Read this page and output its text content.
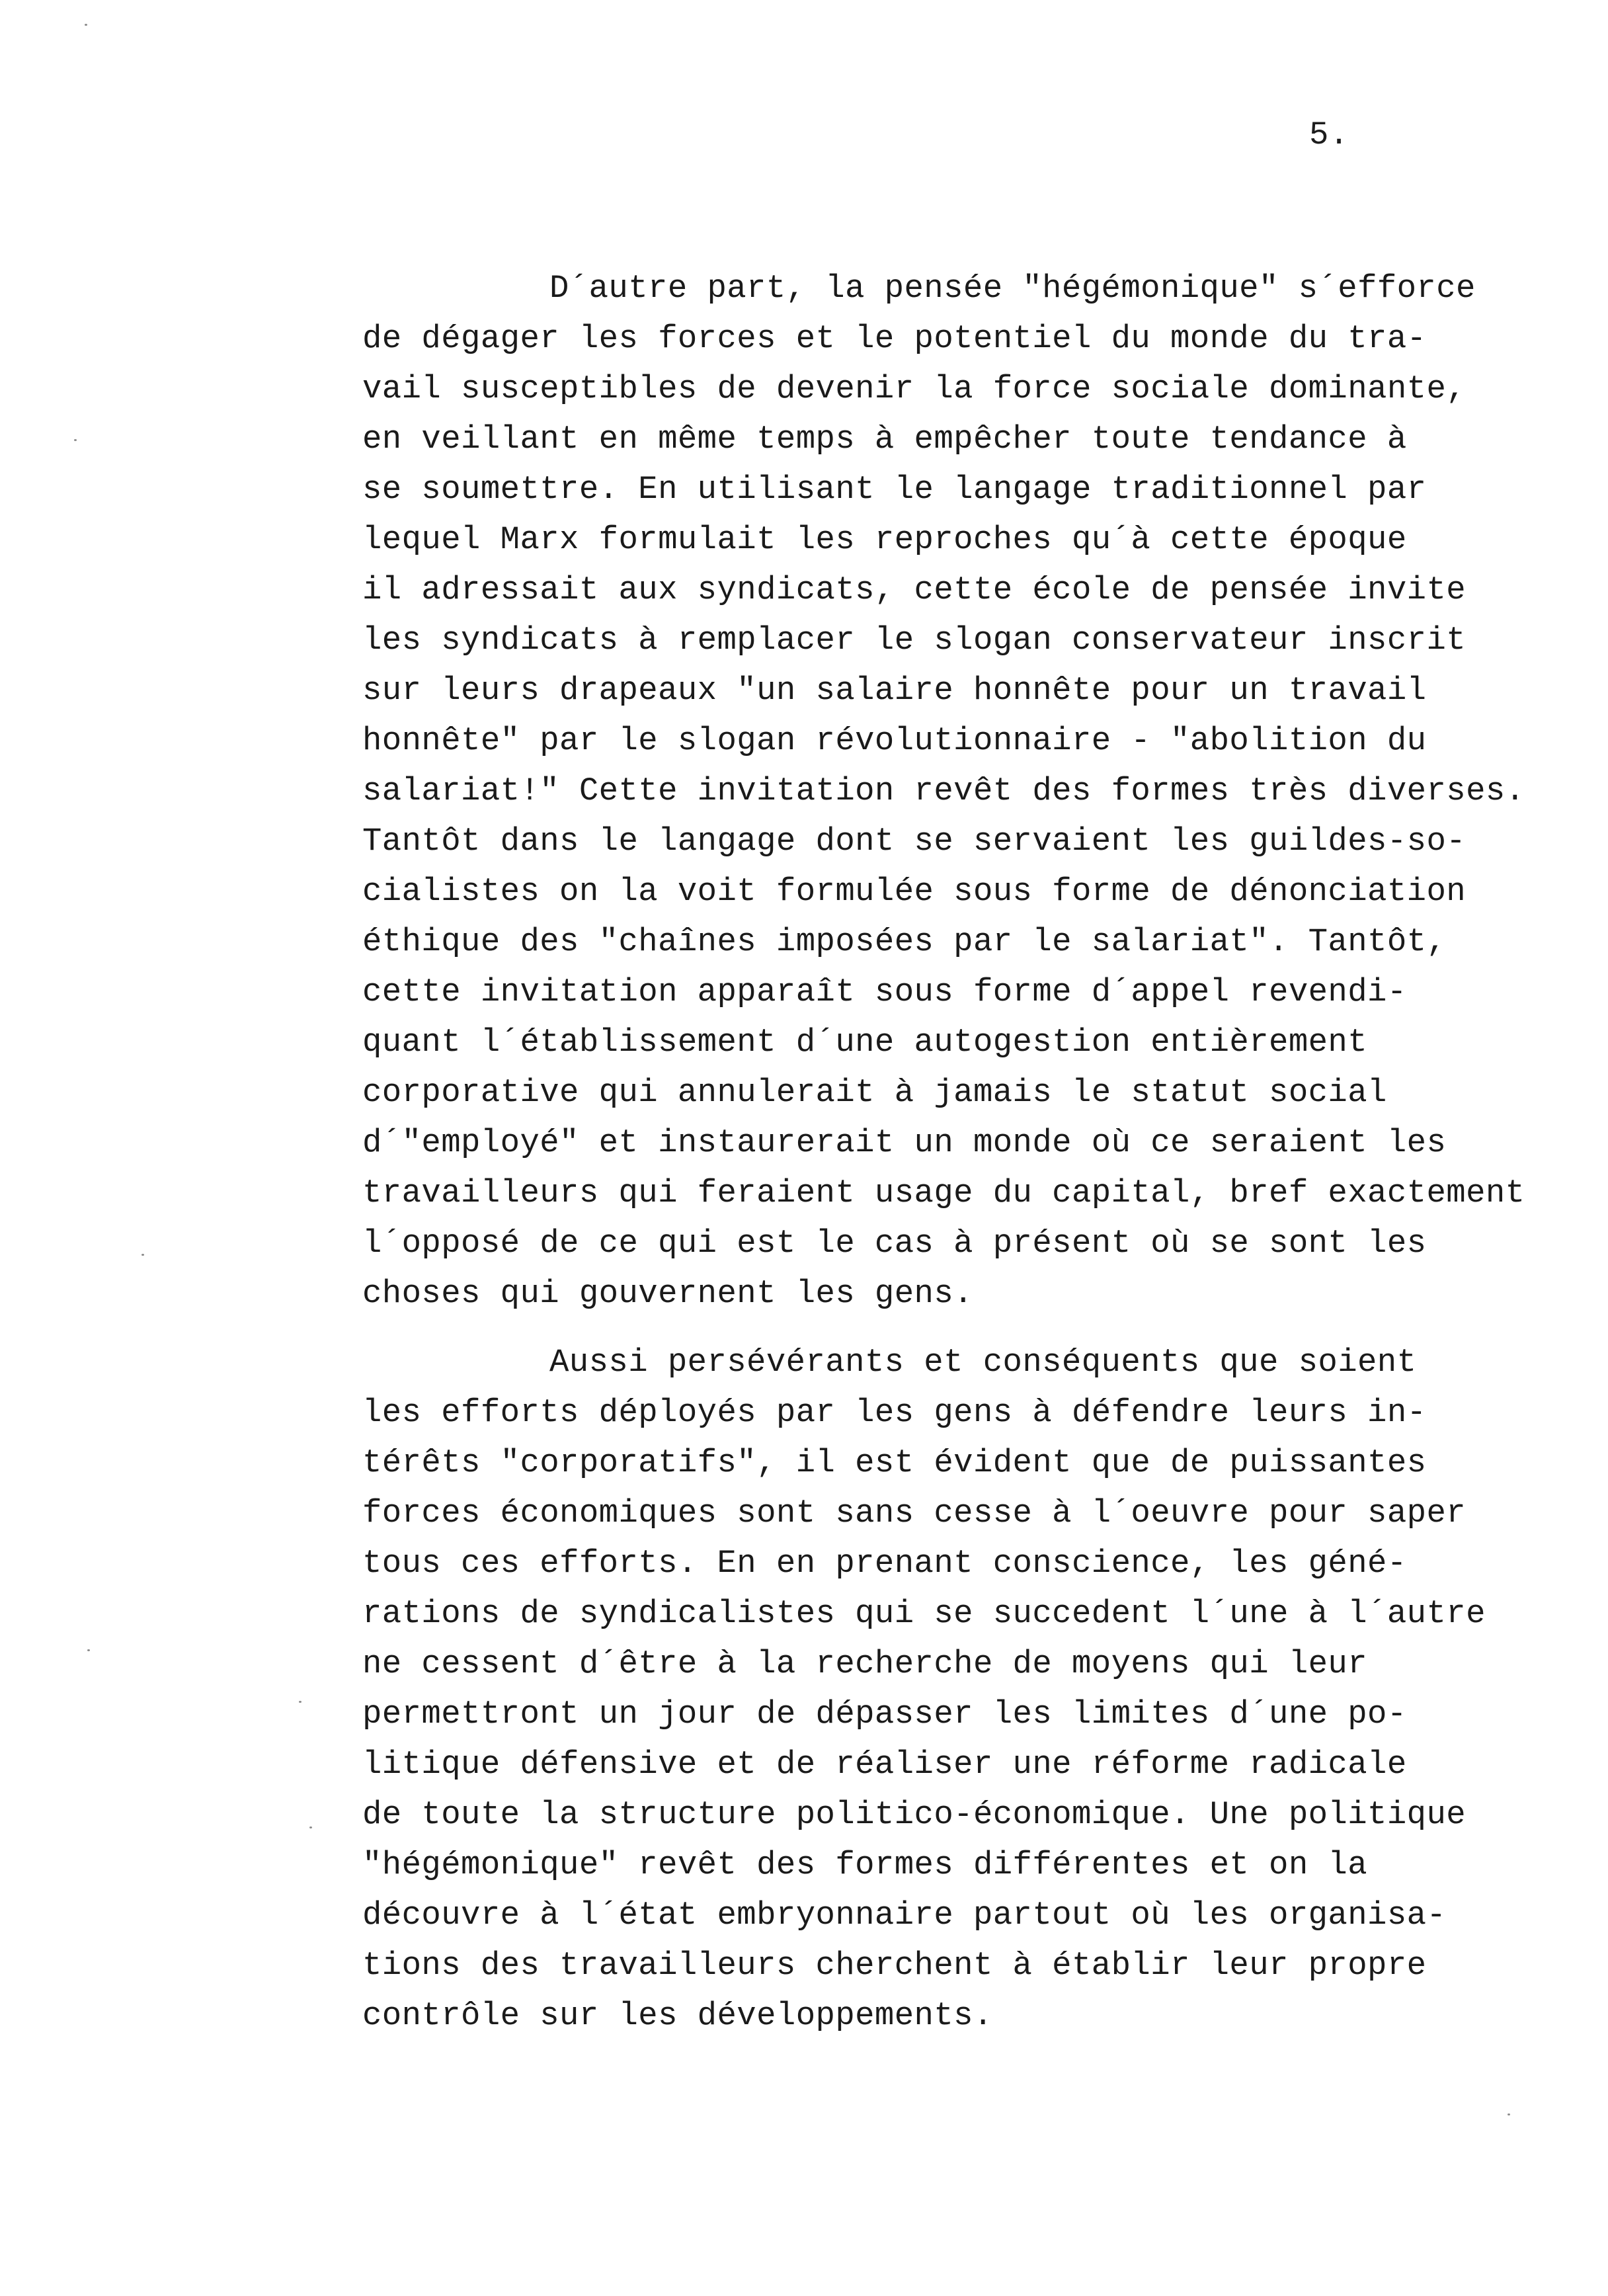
5.
D´autre part, la pensée "hégémonique" s´efforce
de dégager les forces et le potentiel du monde du tra-
vail susceptibles de devenir la force sociale dominante,
en veillant en même temps à empêcher toute tendance à
se soumettre. En utilisant le langage traditionnel par
lequel Marx formulait les reproches qu´à cette époque
il adressait aux syndicats, cette école de pensée invite
les syndicats à remplacer le slogan conservateur inscrit
sur leurs drapeaux "un salaire honnête pour un travail
honnête" par le slogan révolutionnaire - "abolition du
salariat!" Cette invitation revêt des formes très diverses.
Tantôt dans le langage dont se servaient les guildes-so-
cialistes on la voit formulée sous forme de dénonciation
éthique des "chaînes imposées par le salariat". Tantôt,
cette invitation apparaît sous forme d´appel revendi-
quant l´établissement d´une autogestion entièrement
corporative qui annulerait à jamais le statut social
d´"employé" et instaurerait un monde où ce seraient les
travailleurs qui feraient usage du capital, bref exactement
l´opposé de ce qui est le cas à présent où se sont les
choses qui gouvernent les gens.
Aussi persévérants et conséquents que soient
les efforts déployés par les gens à défendre leurs in-
térêts "corporatifs", il est évident que de puissantes
forces économiques sont sans cesse à l´oeuvre pour saper
tous ces efforts. En en prenant conscience, les géné-
rations de syndicalistes qui se succedent l´une à l´autre
ne cessent d´être à la recherche de moyens qui leur
permettront un jour de dépasser les limites d´une po-
litique défensive et de réaliser une réforme radicale
de toute la structure politico-économique. Une politique
"hégémonique" revêt des formes différentes et on la
découvre à l´état embryonnaire partout où les organisa-
tions des travailleurs cherchent à établir leur propre
contrôle sur les développements.
